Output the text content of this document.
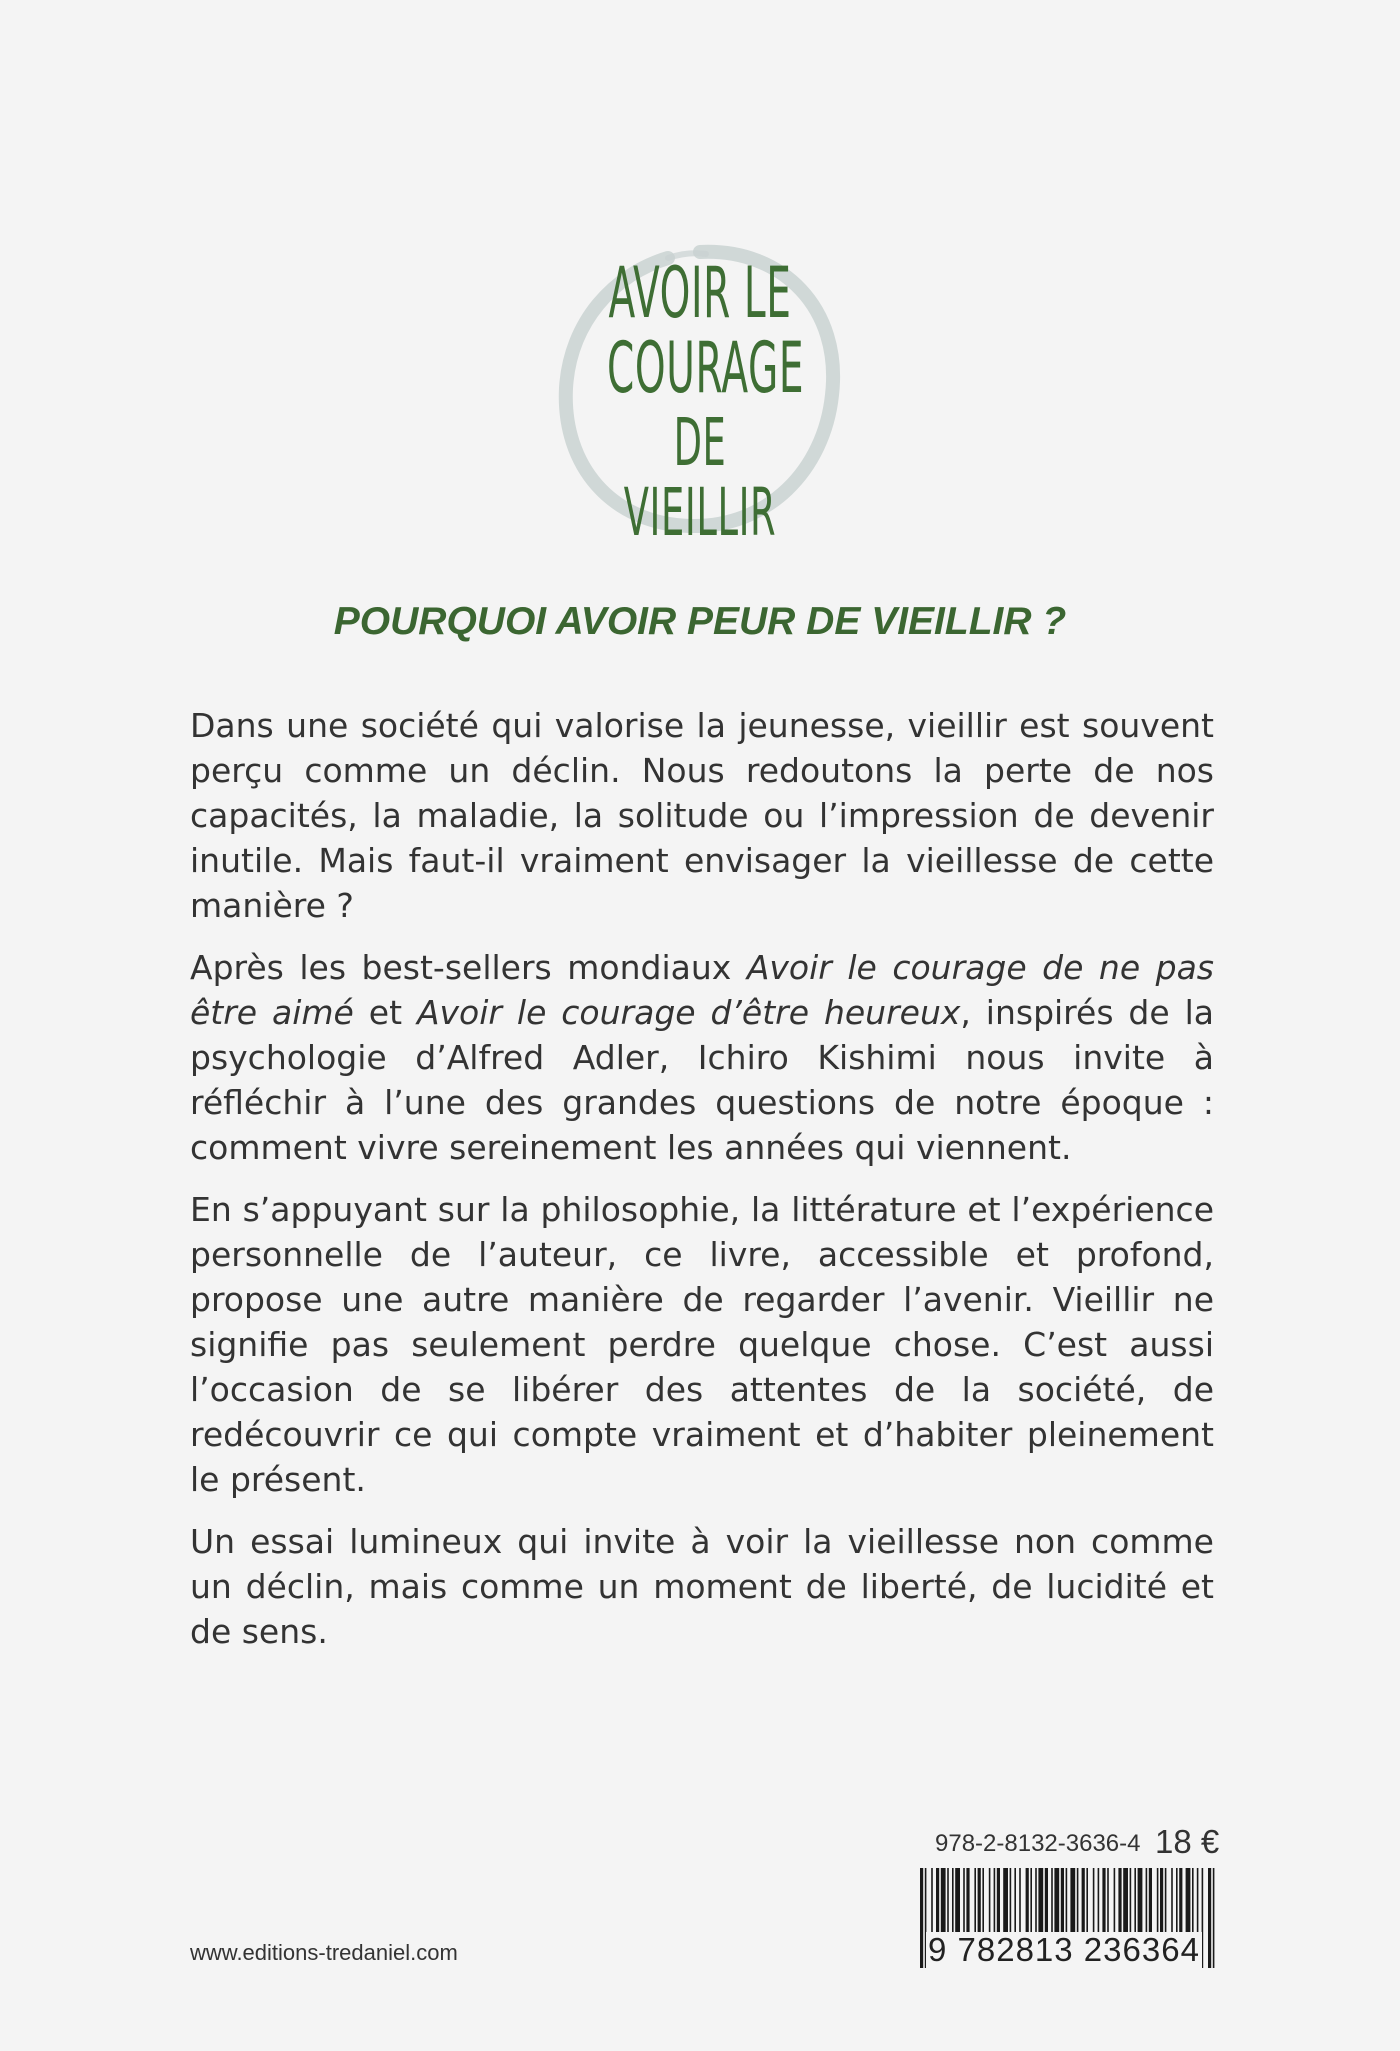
AVOIR LE
COURAGE
DE
VIEILLIR
POURQUOI AVOIR PEUR DE VIEILLIR ?

Dans une société qui valorise la jeunesse, vieillir est souvent perçu comme un déclin. Nous redoutons la perte de nos capacités, la maladie, la solitude ou l’impression de devenir inutile. Mais faut-il vraiment envisager la vieillesse de cette manière ?

Après les best-sellers mondiaux Avoir le courage de ne pas être aimé et Avoir le courage d’être heureux, inspirés de la psychologie d’Alfred Adler, Ichiro Kishimi nous invite à réfléchir à l’une des grandes questions de notre époque : comment vivre sereinement les années qui viennent.

En s’appuyant sur la philosophie, la littérature et l’expérience personnelle de l’auteur, ce livre, accessible et profond, propose une autre manière de regarder l’avenir. Vieillir ne signifie pas seulement perdre quelque chose. C’est aussi l’occasion de se libérer des attentes de la société, de redécouvrir ce qui compte vraiment et d’habiter pleinement le présent.

Un essai lumineux qui invite à voir la vieillesse non comme un déclin, mais comme un moment de liberté, de lucidité et de sens.

978-2-8132-3636-4 18 €
9 782813 236364
www.editions-tredaniel.com
